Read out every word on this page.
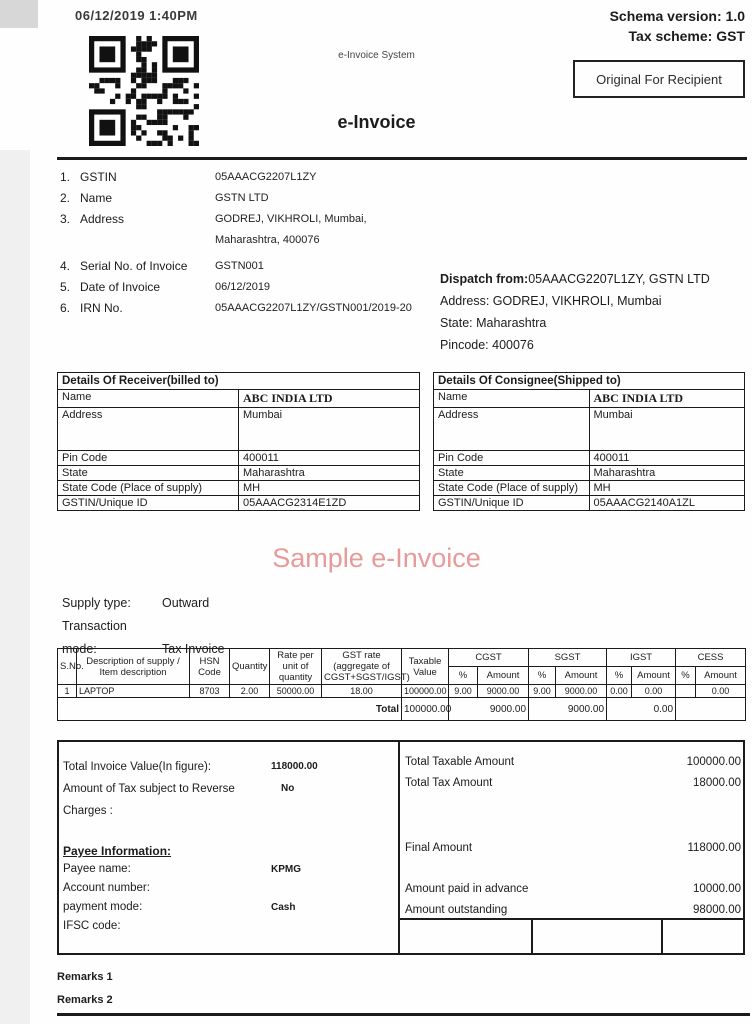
06/12/2019 1:40PM
e-Invoice System
Schema version: 1.0
Tax scheme: GST
Original For Recipient
e-Invoice
1. GSTIN	05AAACG2207L1ZY
2. Name	GSTN LTD
3. Address	GODREJ, VIKHROLI, Mumbai,
Maharashtra, 400076
4. Serial No. of Invoice	GSTN001
5. Date of Invoice	06/12/2019
6. IRN No.	05AAACG2207L1ZY/GSTN001/2019-20
Dispatch from:05AAACG2207L1ZY, GSTN LTD
Address: GODREJ, VIKHROLI, Mumbai
State: Maharashtra
Pincode: 400076
Details Of Receiver(billed to)	
Name	ABC INDIA LTD
Address	Mumbai
Pin Code	400011
State	Maharashtra
State Code (Place of supply)	MH
GSTIN/Unique ID	05AAACG2314E1ZD
Details Of Consignee(Shipped to)	
Name	ABC INDIA LTD
Address	Mumbai
Pin Code	400011
State	Maharashtra
State Code (Place of supply)	MH
GSTIN/Unique ID	05AAACG2140A1ZL
Sample e-Invoice
Supply type: Outward
Transaction mode:	Tax Invoice
S.No.	Description of supply / Item description	HSN Code	Quantity	Rate per unit of quantity	GST rate (aggregate of CGST+SGST/IGST)	Taxable Value	CGST		SGST		IGST		CESS	
							%	Amount	%	Amount	%	Amount	%	Amount
1	LAPTOP	8703	2.00	50000.00	18.00	100000.00	9.00	9000.00	9.00	9000.00	0.00	0.00		0.00
Total						100000.00	9000.00		9000.00		0.00			
Total Invoice Value(In figure):	118000.00
Amount of Tax subject to Reverse Charges :
No
Payee Information:
Payee name:	KPMG
Account number:
payment mode:	Cash
IFSC code:
Total Taxable Amount	100000.00
Total Tax Amount	18000.00
Final Amount	118000.00
Amount paid in advance	10000.00
Amount outstanding	98000.00
Remarks 1
Remarks 2
